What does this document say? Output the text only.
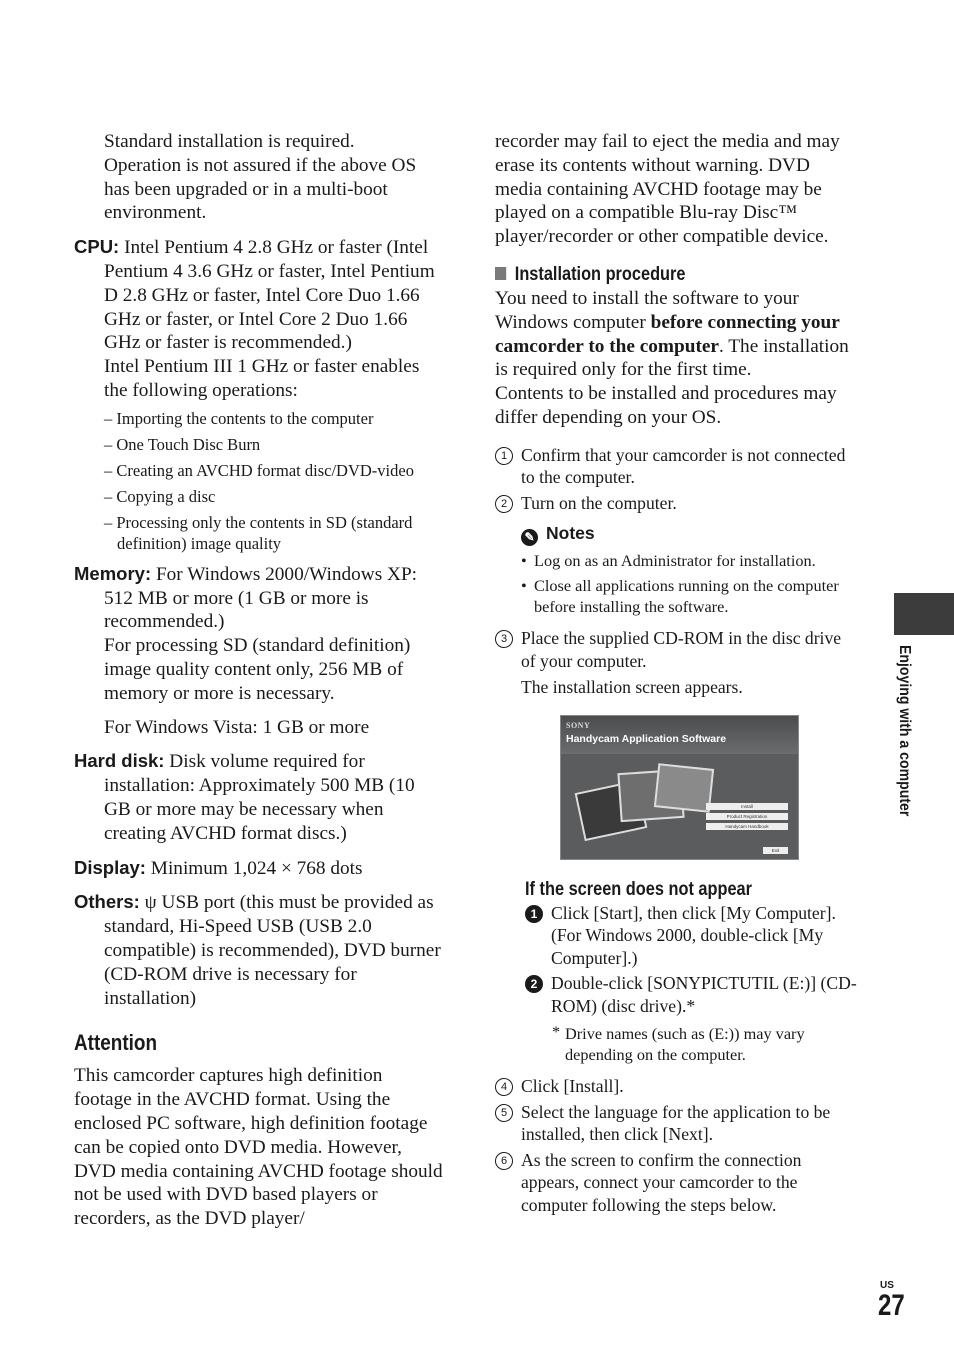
Standard installation is required.

Operation is not assured if the above OS

has been upgraded or in a multi-boot

environment.

CPU: Intel Pentium 4 2.8 GHz or faster (Intel Pentium 4 3.6 GHz or faster, Intel Pentium D 2.8 GHz or faster, Intel Core Duo 1.66 GHz or faster, or Intel Core 2 Duo 1.66 GHz or faster is recommended.)

Intel Pentium III 1 GHz or faster enables the following operations:

– Importing the contents to the computer

– One Touch Disc Burn

– Creating an AVCHD format disc/DVD-video

– Copying a disc

– Processing only the contents in SD (standard definition) image quality

Memory: For Windows 2000/Windows XP: 512 MB or more (1 GB or more is recommended.)

For processing SD (standard definition) image quality content only, 256 MB of memory or more is necessary.

For Windows Vista: 1 GB or more

Hard disk: Disk volume required for installation: Approximately 500 MB (10 GB or more may be necessary when creating AVCHD format discs.)

Display: Minimum 1,024 × 768 dots

Others: ψ USB port (this must be provided as standard, Hi-Speed USB (USB 2.0 compatible) is recommended), DVD burner (CD-ROM drive is necessary for installation)

Attention

This camcorder captures high definition footage in the AVCHD format. Using the enclosed PC software, high definition footage can be copied onto DVD media. However, DVD media containing AVCHD footage should not be used with DVD based players or recorders, as the DVD player/

recorder may fail to eject the media and may erase its contents without warning. DVD media containing AVCHD footage may be played on a compatible Blu-ray Disc™ player/recorder or other compatible device.

Installation procedure

You need to install the software to your Windows computer before connecting your camcorder to the computer. The installation is required only for the first time.

Contents to be installed and procedures may differ depending on your OS.

1 Confirm that your camcorder is not connected to the computer.
2 Turn on the computer.
✎ Notes
• Log on as an Administrator for installation.
• Close all applications running on the computer before installing the software.
3 Place the supplied CD-ROM in the disc drive of your computer.

The installation screen appears.

SONY
Handycam Application Software
Install
Product Registration
Handycam Handbook
Exit
If the screen does not appear
1 Click [Start], then click [My Computer]. (For Windows 2000, double-click [My Computer].)
2 Double-click [SONYPICTUTIL (E:)] (CD-ROM) (disc drive).*
* Drive names (such as (E:)) may vary depending on the computer.
4 Click [Install].
5 Select the language for the application to be installed, then click [Next].
6 As the screen to confirm the connection appears, connect your camcorder to the computer following the steps below.
Enjoying with a computer
US
27
